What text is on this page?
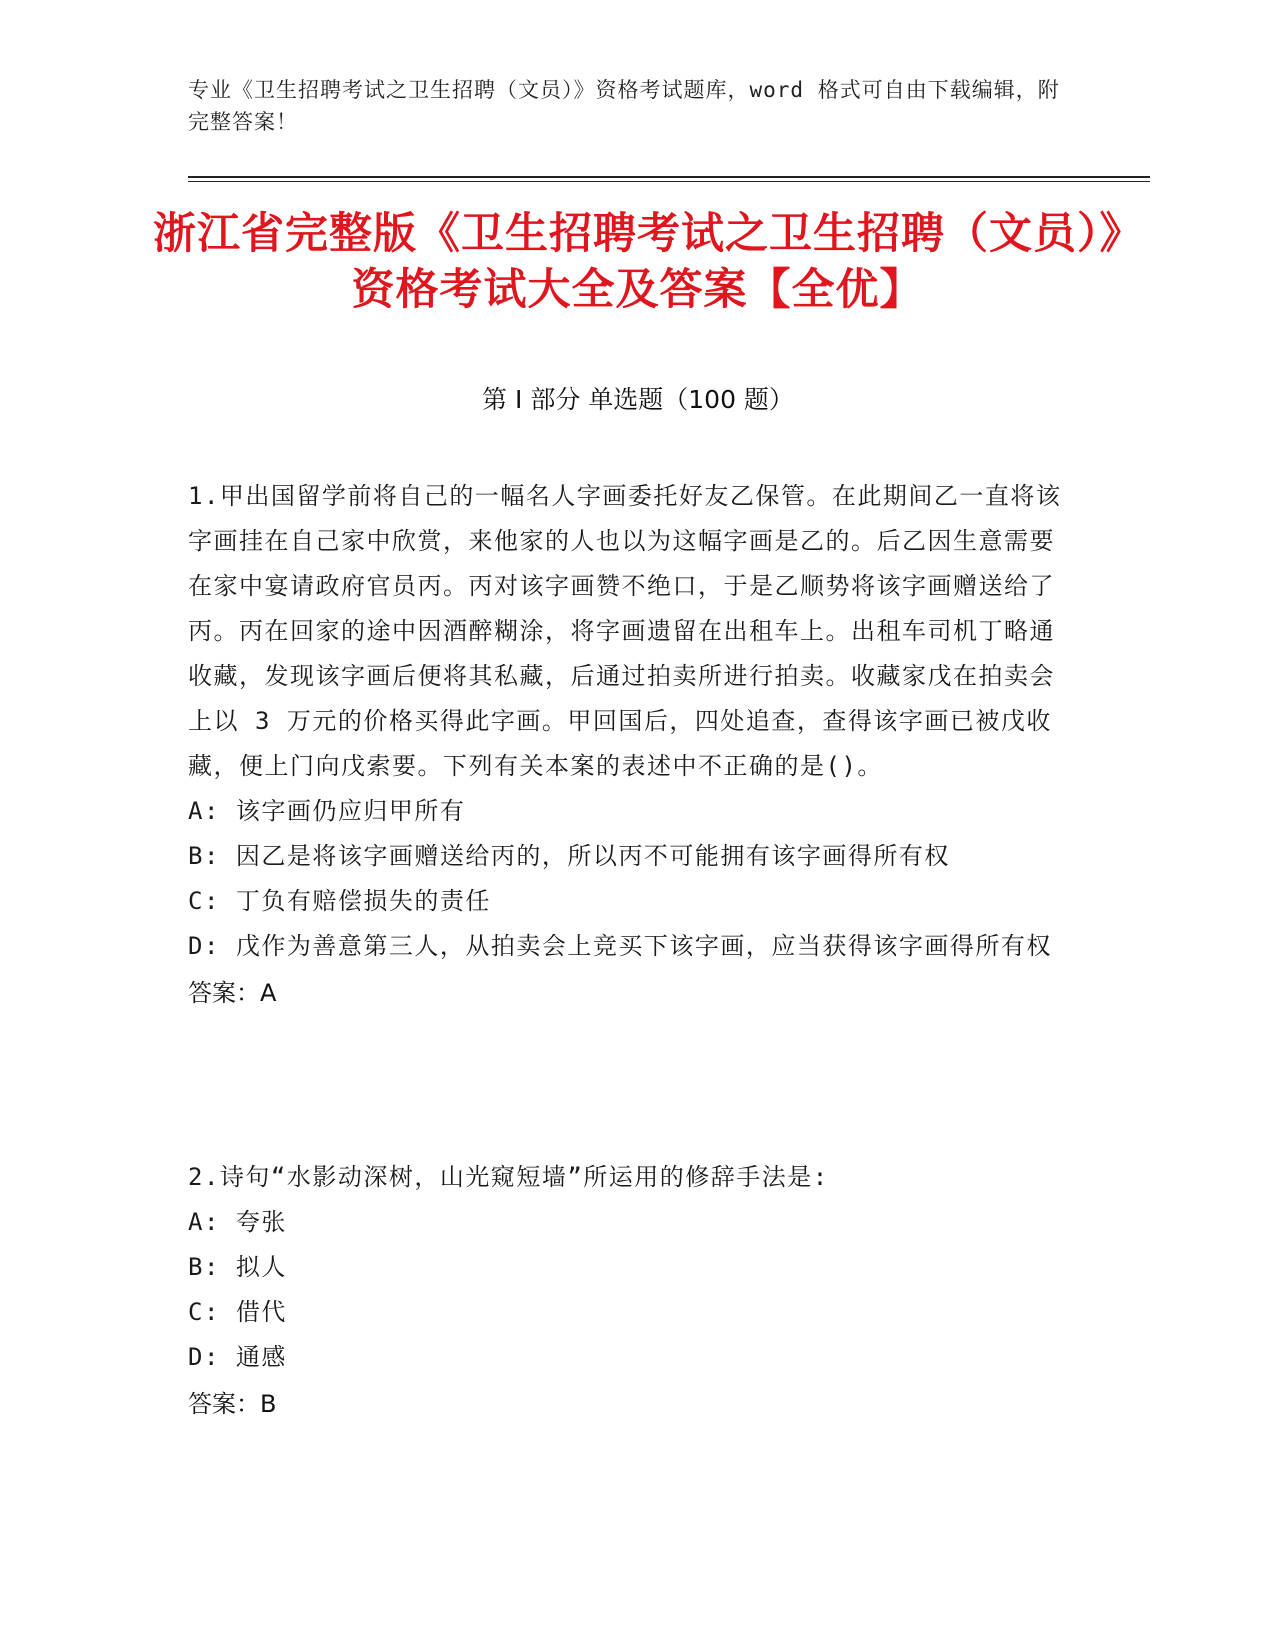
专业《卫生招聘考试之卫生招聘（文员）》资格考试题库，word 格式可自由下载编辑，附完整答案！
浙江省完整版《卫生招聘考试之卫生招聘（文员）》资格考试大全及答案【全优】
第 I 部分 单选题（100 题）

1.甲出国留学前将自己的一幅名人字画委托好友乙保管。在此期间乙一直将该字画挂在自己家中欣赏，来他家的人也以为这幅字画是乙的。后乙因生意需要在家中宴请政府官员丙。丙对该字画赞不绝口，于是乙顺势将该字画赠送给了丙。丙在回家的途中因酒醉糊涂，将字画遗留在出租车上。出租车司机丁略通收藏，发现该字画后便将其私藏，后通过拍卖所进行拍卖。收藏家戊在拍卖会上以 3 万元的价格买得此字画。甲回国后，四处追查，查得该字画已被戊收藏，便上门向戊索要。下列有关本案的表述中不正确的是()。

A: 该字画仍应归甲所有

B: 因乙是将该字画赠送给丙的，所以丙不可能拥有该字画得所有权

C: 丁负有赔偿损失的责任

D: 戊作为善意第三人，从拍卖会上竞买下该字画，应当获得该字画得所有权

答案：A

2.诗句“水影动深树，山光窥短墙”所运用的修辞手法是:

A: 夸张

B: 拟人

C: 借代

D: 通感

答案：B
